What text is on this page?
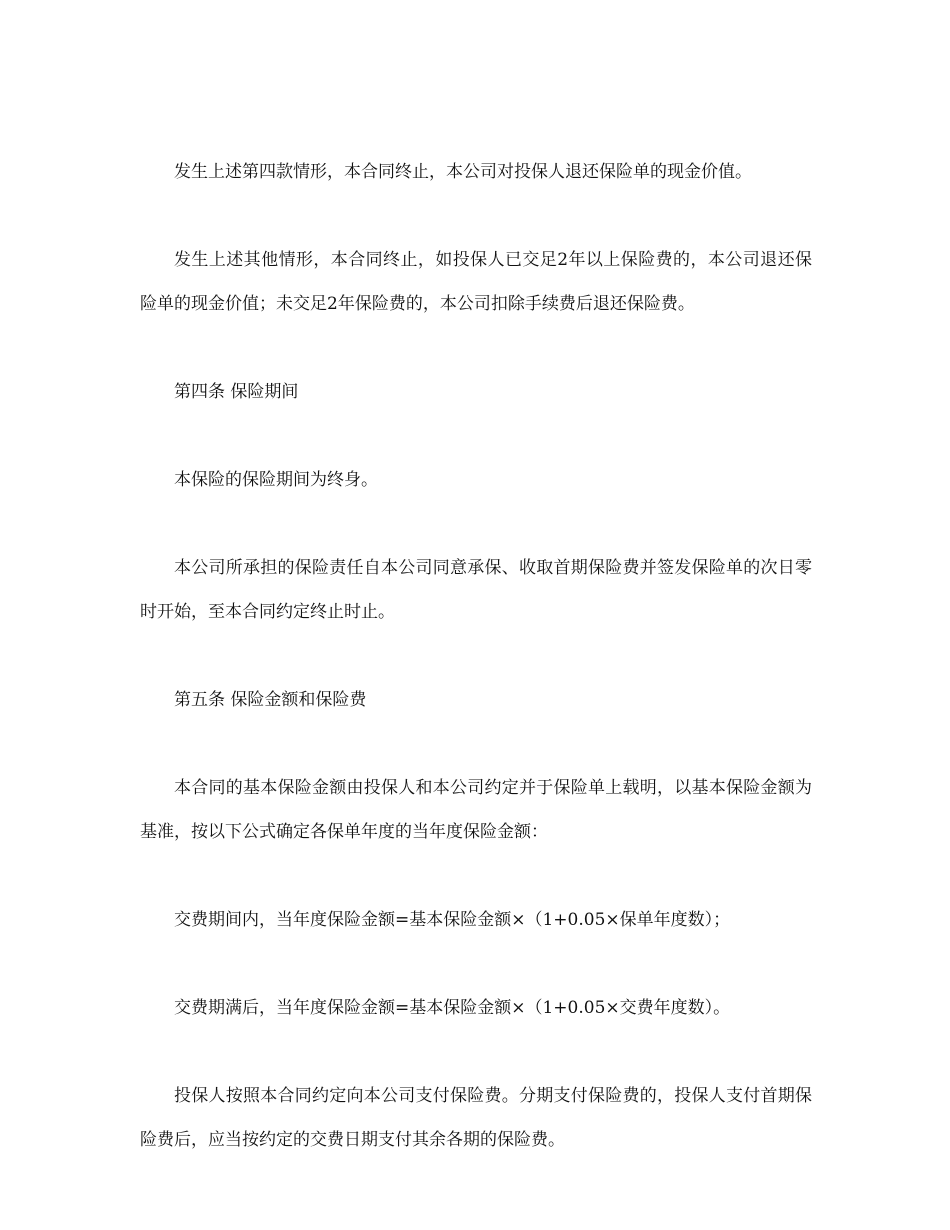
发生上述第四款情形，本合同终止，本公司对投保人退还保险单的现金价值。

发生上述其他情形，本合同终止，如投保人已交足2年以上保险费的，本公司退还保险单的现金价值；未交足2年保险费的，本公司扣除手续费后退还保险费。

第四条 保险期间

本保险的保险期间为终身。

本公司所承担的保险责任自本公司同意承保、收取首期保险费并签发保险单的次日零时开始，至本合同约定终止时止。

第五条 保险金额和保险费

本合同的基本保险金额由投保人和本公司约定并于保险单上载明，以基本保险金额为基准，按以下公式确定各保单年度的当年度保险金额：

交费期间内，当年度保险金额=基本保险金额×（1+0.05×保单年度数）；

交费期满后，当年度保险金额=基本保险金额×（1+0.05×交费年度数）。

投保人按照本合同约定向本公司支付保险费。分期支付保险费的，投保人支付首期保险费后，应当按约定的交费日期支付其余各期的保险费。
